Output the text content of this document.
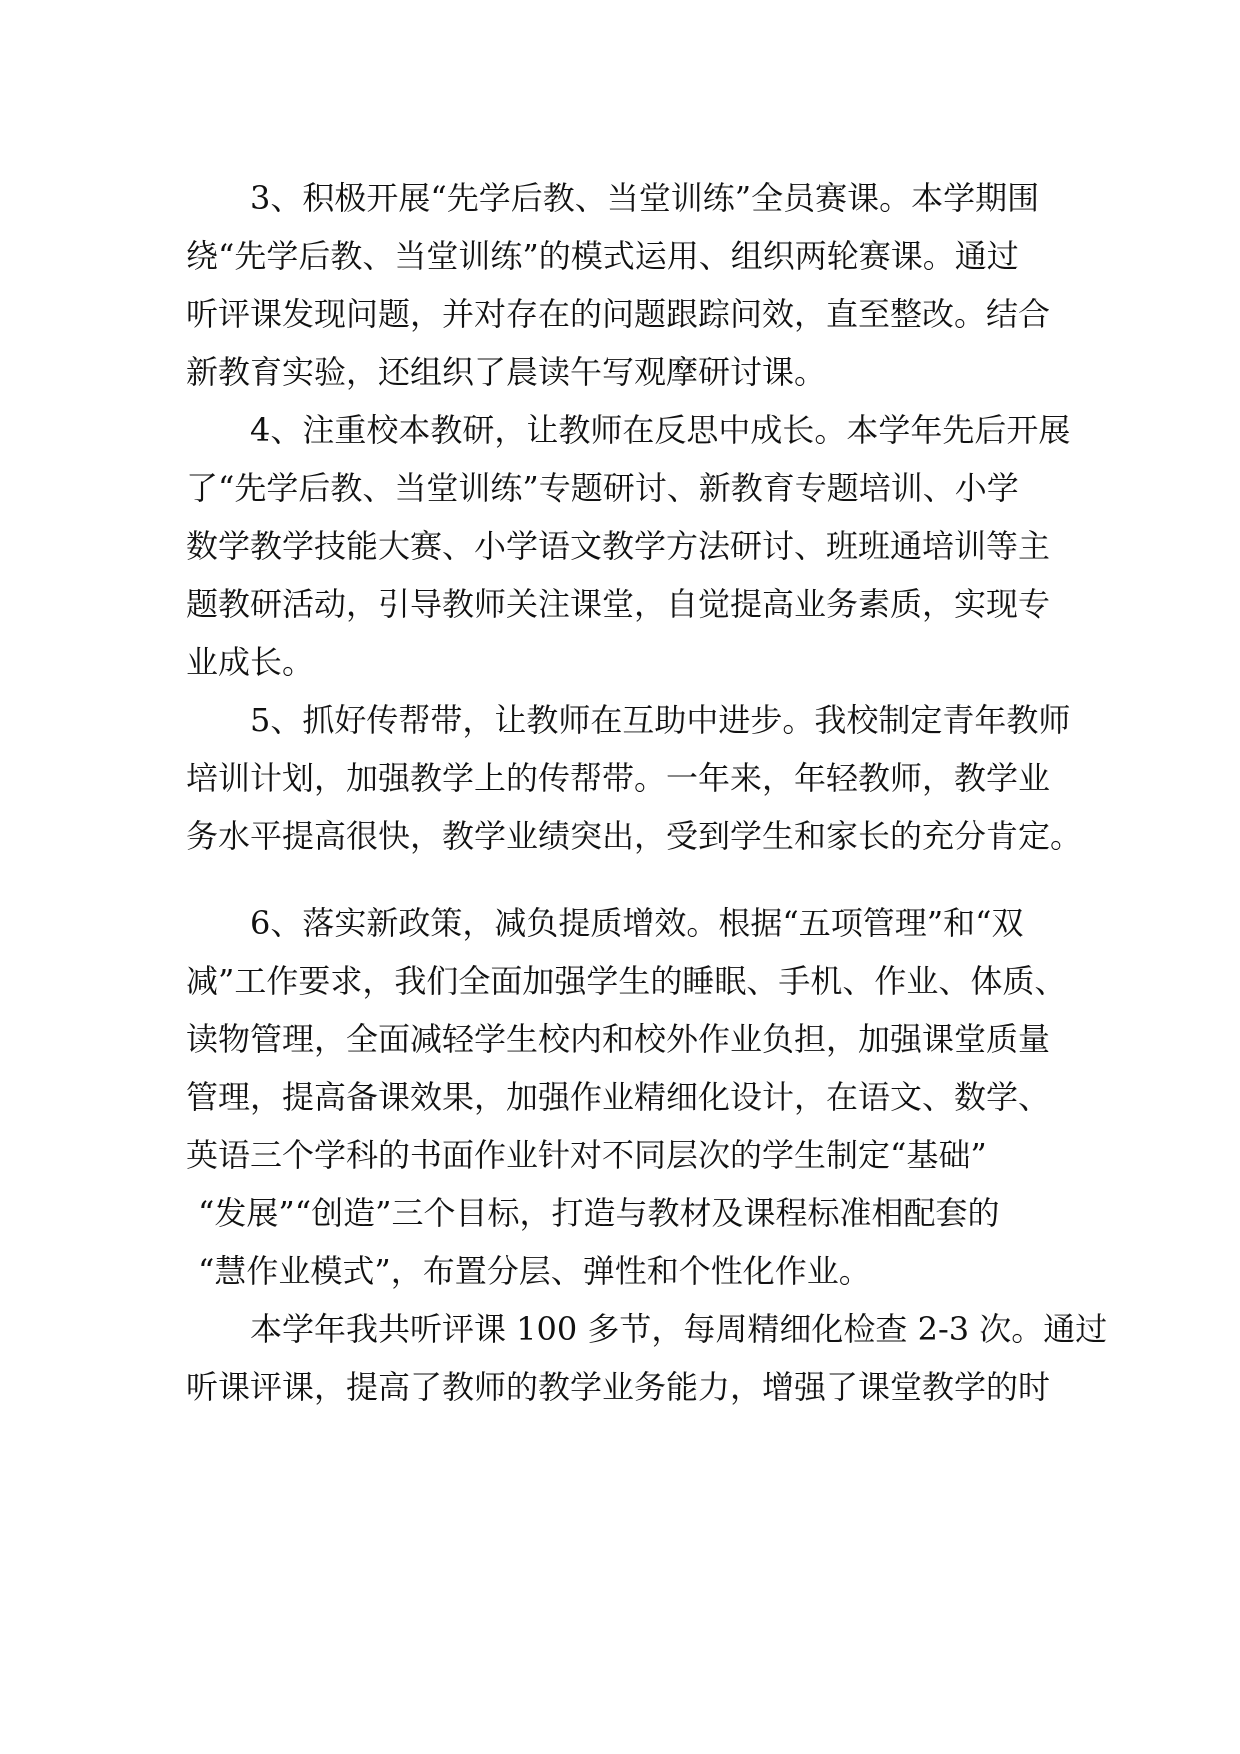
3、积极开展“先学后教、当堂训练”全员赛课。本学期围
绕“先学后教、当堂训练”的模式运用、组织两轮赛课。通过
听评课发现问题，并对存在的问题跟踪问效，直至整改。结合
新教育实验，还组织了晨读午写观摩研讨课。
4、注重校本教研，让教师在反思中成长。本学年先后开展
了“先学后教、当堂训练”专题研讨、新教育专题培训、小学
数学教学技能大赛、小学语文教学方法研讨、班班通培训等主
题教研活动，引导教师关注课堂，自觉提高业务素质，实现专
业成长。
5、抓好传帮带，让教师在互助中进步。我校制定青年教师
培训计划，加强教学上的传帮带。一年来，年轻教师，教学业
务水平提高很快，教学业绩突出，受到学生和家长的充分肯定。
6、落实新政策，减负提质增效。根据“五项管理”和“双
减”工作要求，我们全面加强学生的睡眠、手机、作业、体质、
读物管理，全面减轻学生校内和校外作业负担，加强课堂质量
管理，提高备课效果，加强作业精细化设计，在语文、数学、
英语三个学科的书面作业针对不同层次的学生制定“基础”
“发展”“创造”三个目标，打造与教材及课程标准相配套的
“慧作业模式”，布置分层、弹性和个性化作业。
本学年我共听评课 100 多节，每周精细化检查 2-3 次。通过
听课评课，提高了教师的教学业务能力，增强了课堂教学的时
